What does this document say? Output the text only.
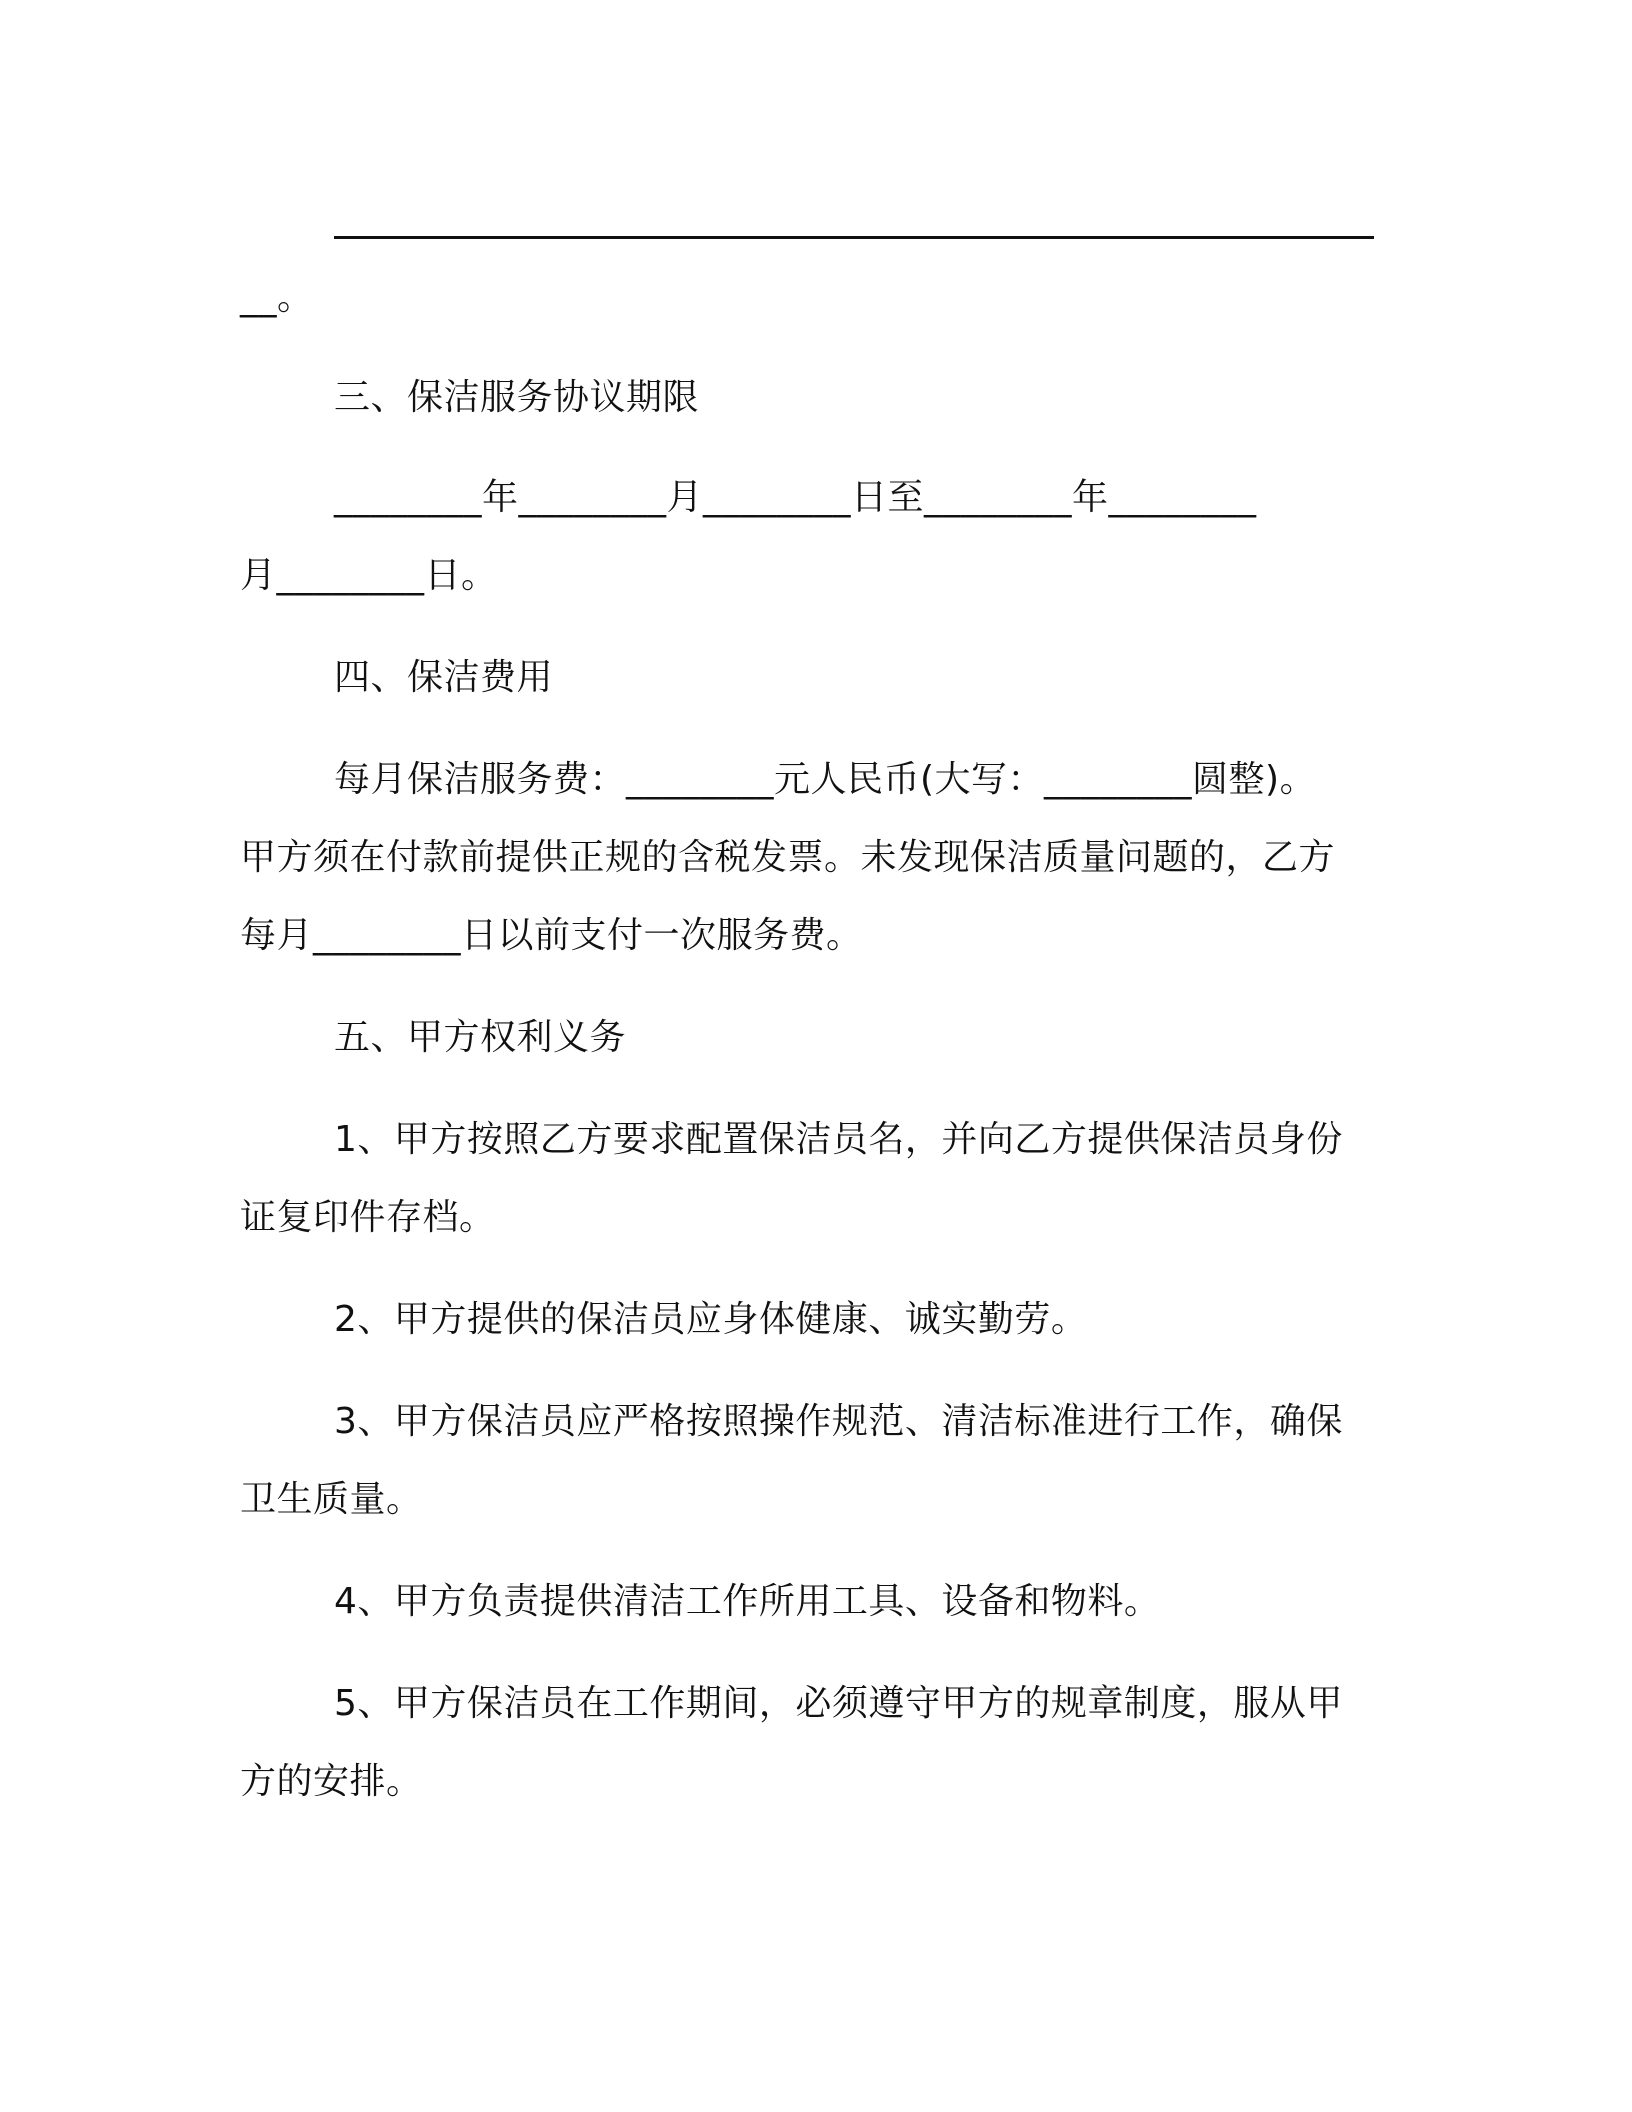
__。
三、保洁服务协议期限
________年________月________日至________年________
月________日。
四、保洁费用
每月保洁服务费：________元人民币(大写：________圆整)。
甲方须在付款前提供正规的含税发票。未发现保洁质量问题的，乙方
每月________日以前支付一次服务费。
五、甲方权利义务
1、甲方按照乙方要求配置保洁员名，并向乙方提供保洁员身份
证复印件存档。
2、甲方提供的保洁员应身体健康、诚实勤劳。
3、甲方保洁员应严格按照操作规范、清洁标准进行工作，确保
卫生质量。
4、甲方负责提供清洁工作所用工具、设备和物料。
5、甲方保洁员在工作期间，必须遵守甲方的规章制度，服从甲
方的安排。
